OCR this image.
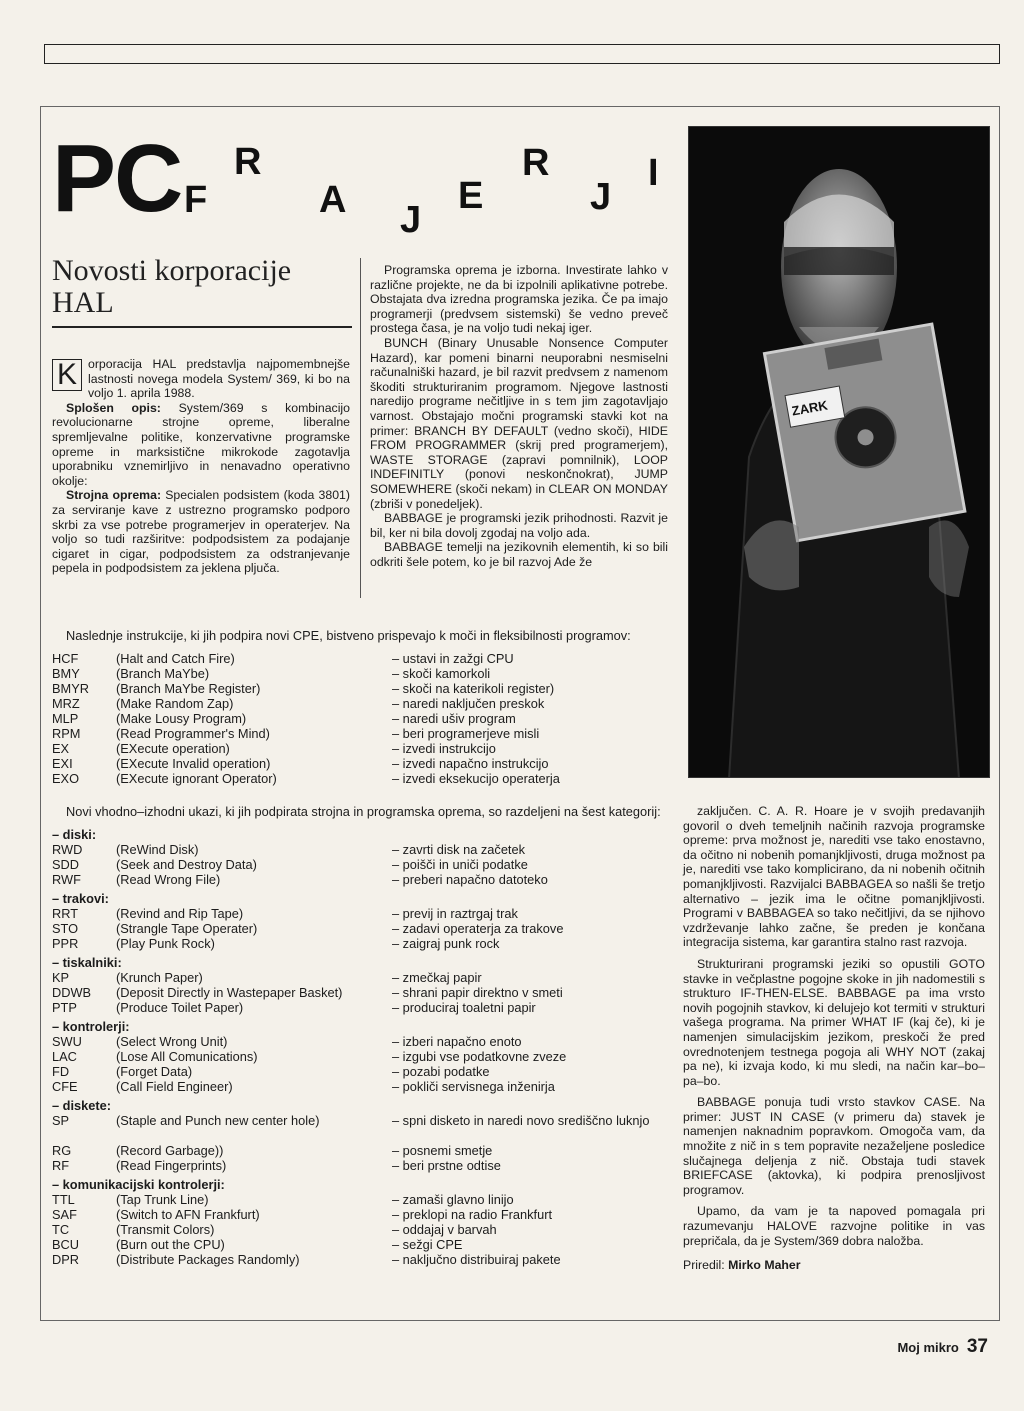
P
C F
R
A J
E
R
J
I
Novosti korporacije HAL

K orporacija HAL predstavlja najpomembnejše lastnosti novega modela System/ 369, ki bo na voljo 1. aprila 1988.

Splošen opis: System/369 s kombinacijo revolucionarne strojne opreme, liberalne spremljevalne politike, konzervativne programske opreme in marksistične mikrokode zagotavlja uporabniku vznemirljivo in nenavadno operativno okolje:

Strojna oprema: Specialen podsistem (koda 3801) za serviranje kave z ustrezno programsko podporo skrbi za vse potrebe programerjev in operaterjev. Na voljo so tudi razširitve: podpodsistem za podajanje cigaret in cigar, podpodsistem za odstranjevanje pepela in podpodsistem za jeklena pljuča.

Programska oprema je izborna. Investirate lahko v različne projekte, ne da bi izpolnili aplikativne potrebe. Obstajata dva izredna programska jezika. Če pa imajo programerji (predvsem sistemski) še vedno preveč prostega časa, je na voljo tudi nekaj iger.

BUNCH (Binary Unusable Nonsence Computer Hazard), kar pomeni binarni neuporabni nesmiselni računalniški hazard, je bil razvit predvsem z namenom škoditi strukturiranim programom. Njegove lastnosti naredijo programe nečitljive in s tem jim zagotavljajo varnost. Obstajajo močni programski stavki kot na primer: BRANCH BY DEFAULT (vedno skoči), HIDE FROM PROGRAMMER (skrij pred programerjem), WASTE STORAGE (zapravi pomnilnik), LOOP INDEFINITLY (ponovi neskončnokrat), JUMP SOMEWHERE (skoči nekam) in CLEAR ON MONDAY (zbriši v ponedeljek).

BABBAGE je programski jezik prihodnosti. Razvit je bil, ker ni bila dovolj zgodaj na voljo ada.

BABBAGE temelji na jezikovnih elementih, ki so bili odkriti šele potem, ko je bil razvoj Ade že

ZARK

Naslednje instrukcije, ki jih podpira novi CPE, bistveno prispevajo k moči in fleksibilnosti programov:

HCF	(Halt and Catch Fire)	– ustavi in zažgi CPU
BMY	(Branch MaYbe)	– skoči kamorkoli
BMYR (Branch MaYbe Register)	– skoči na katerikoli register)
MRZ	(Make Random Zap)	– naredi naključen preskok
MLP	(Make Lousy Program)	– naredi ušiv program
RPM	(Read Programmer's Mind)	– beri programerjeve misli
EX	(EXecute operation)	– izvedi instrukcijo
EXI	(EXecute Invalid operation)	– izvedi napačno instrukcijo
EXO	(EXecute ignorant Operator)	– izvedi eksekucijo operaterja

Novi vhodno–izhodni ukazi, ki jih podpirata strojna in programska oprema, so razdeljeni na šest kategorij:

– diski:
RWD	(ReWind Disk)	– zavrti disk na začetek
SDD	(Seek and Destroy Data)	– poišči in uniči podatke
RWF	(Read Wrong File)	– preberi napačno datoteko
– trakovi:
RRT	(Revind and Rip Tape)	– previj in raztrgaj trak
STO	(Strangle Tape Operater)	– zadavi operaterja za trakove
PPR	(Play Punk Rock)	– zaigraj punk rock
– tiskalniki:
KP	(Krunch Paper)	– zmečkaj papir
DDWB (Deposit Directly in Wastepaper Basket)	– shrani papir direktno v smeti
PTP	(Produce Toilet Paper)	– produciraj toaletni papir
– kontrolerji:
SWU	(Select Wrong Unit)	– izberi napačno enoto
LAC	(Lose All Comunications)	– izgubi vse podatkovne zveze
FD	(Forget Data)	– pozabi podatke
CFE	(Call Field Engineer)	– pokliči servisnega inženirja
– diskete:
SP	(Staple and Punch new center hole)	– spni disketo in naredi novo središčno luknjo
RG	(Record Garbage))	– posnemi smetje
RF	(Read Fingerprints)	– beri prstne odtise
– komunikacijski kontrolerji:
TTL	(Tap Trunk Line)	– zamaši glavno linijo
SAF	(Switch to AFN Frankfurt)	– preklopi na radio Frankfurt
TC	(Transmit Colors)	– oddajaj v barvah
BCU	(Burn out the CPU)	– sežgi CPE
DPR	(Distribute Packages Randomly)	– naključno distribuiraj pakete

zaključen. C. A. R. Hoare je v svojih predavanjih govoril o dveh temeljnih načinih razvoja programske opreme: prva možnost je, narediti vse tako enostavno, da očitno ni nobenih pomanjkljivosti, druga možnost pa je, narediti vse tako komplicirano, da ni nobenih očitnih pomanjkljivosti. Razvijalci BABBAGEA so našli še tretjo alternativo – jezik ima le očitne pomanjkljivosti. Programi v BABBAGEA so tako nečitljivi, da se njihovo vzdrževanje lahko začne, še preden je končana integracija sistema, kar garantira stalno rast razvoja.

Strukturirani programski jeziki so opustili GOTO stavke in večplastne pogojne skoke in jih nadomestili s strukturo IF-THEN-ELSE. BABBAGE pa ima vrsto novih pogojnih stavkov, ki delujejo kot termiti v strukturi vašega programa. Na primer WHAT IF (kaj če), ki je namenjen simulacijskim jezikom, preskoči že pred ovrednotenjem testnega pogoja ali WHY NOT (zakaj pa ne), ki izvaja kodo, ki mu sledi, na način kar–bo–pa–bo.

BABBAGE ponuja tudi vrsto stavkov CASE. Na primer: JUST IN CASE (v primeru da) stavek je namenjen naknadnim popravkom. Omogoča vam, da množite z nič in s tem popravite nezaželjene posledice slučajnega deljenja z nič. Obstaja tudi stavek BRIEFCASE (aktovka), ki podpira prenosljivost programov.

Upamo, da vam je ta napoved pomagala pri razumevanju HALOVE razvojne politike in vas prepričala, da je System/369 dobra naložba.

Priredil: Mirko Maher

Moj mikro 37
